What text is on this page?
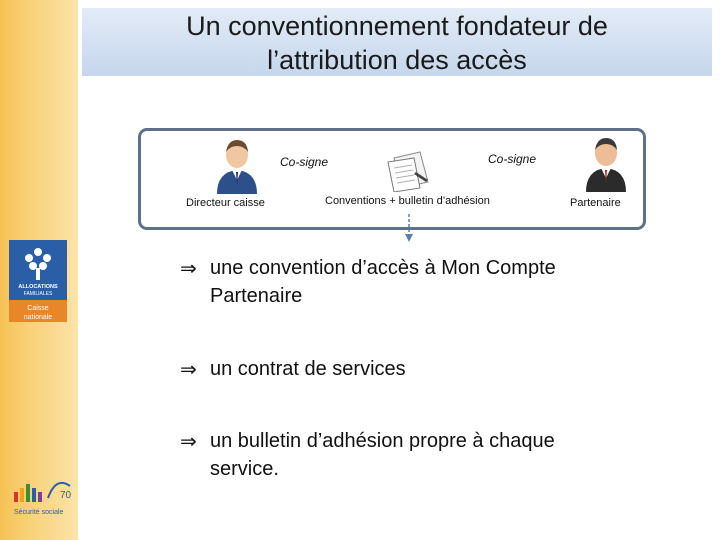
Un conventionnement fondateur de
l’attribution des accès
ALLOCATIONS
FAMILIALES
Caisse
nationale
70
Sécurité sociale
Directeur caisse
Co-signe	Co-signe
Conventions + bulletin d’adhésion	Partenaire
⇒ une convention d’accès à Mon Compte Partenaire
⇒ un contrat de services
⇒ un bulletin d’adhésion propre à chaque service.
